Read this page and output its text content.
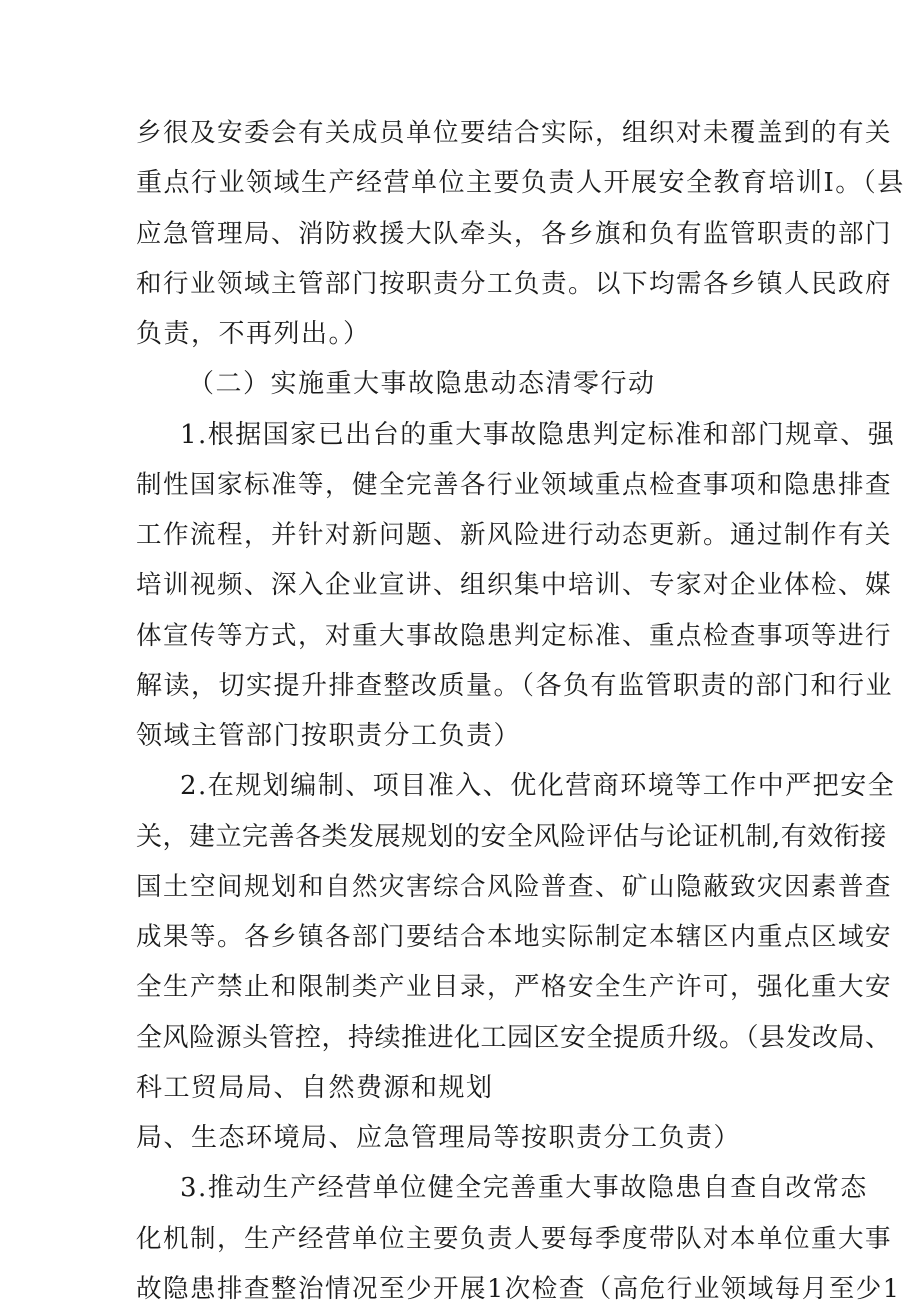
乡很及安委会有关成员单位要结合实际，组织对未覆盖到的有关
重点行业领域生产经营单位主要负责人开展安全教育培训I。（县
应急管理局、消防救援大队牵头，各乡旗和负有监管职责的部门
和行业领域主管部门按职责分工负责。以下均需各乡镇人民政府
负责，不再列出。）
（二）实施重大事故隐患动态清零行动
1.根据国家已出台的重大事故隐患判定标准和部门规章、强
制性国家标准等，健全完善各行业领域重点检查事项和隐患排查
工作流程，并针对新问题、新风险进行动态更新。通过制作有关
培训视频、深入企业宣讲、组织集中培训、专家对企业体检、媒
体宣传等方式，对重大事故隐患判定标准、重点检查事项等进行
解读，切实提升排查整改质量。（各负有监管职责的部门和行业
领域主管部门按职责分工负责）
2.在规划编制、项目准入、优化营商环境等工作中严把安全
关，建立完善各类发展规划的安全风险评估与论证机制,有效衔接
国土空间规划和自然灾害综合风险普查、矿山隐蔽致灾因素普查
成果等。各乡镇各部门要结合本地实际制定本辖区内重点区域安
全生产禁止和限制类产业目录，严格安全生产许可，强化重大安
全风险源头管控，持续推进化工园区安全提质升级。（县发改局、
科工贸局局、自然费源和规划
局、生态环境局、应急管理局等按职责分工负责）
3.推动生产经营单位健全完善重大事故隐患自查自改常态
化机制，生产经营单位主要负责人要每季度带队对本单位重大事
故隐患排查整治情况至少开展1次检查（高危行业领域每月至少1
